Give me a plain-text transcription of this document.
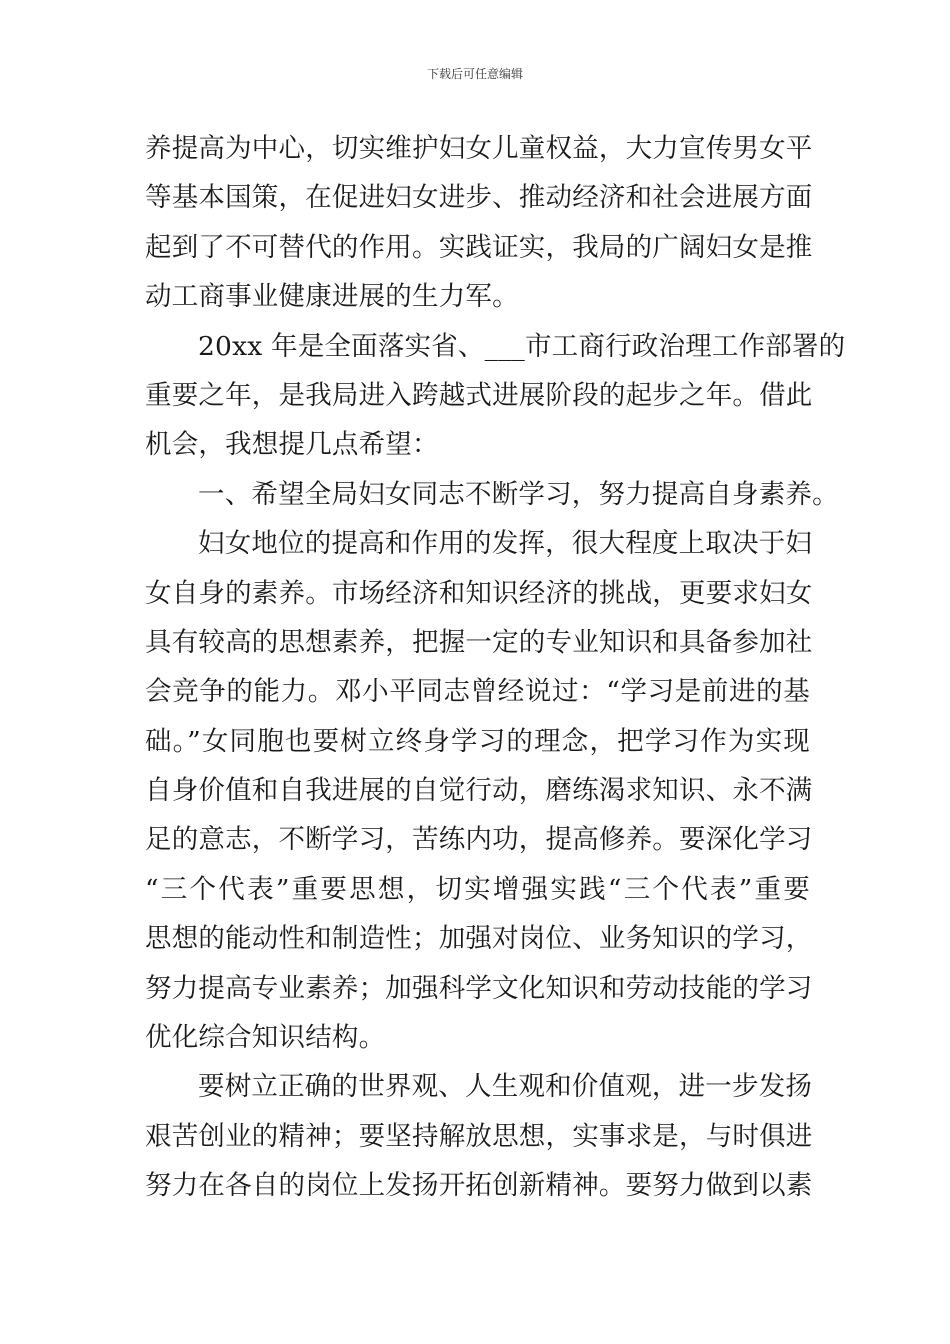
下载后可任意编辑
养提高为中心，切实维护妇女儿童权益，大力宣传男女平
等基本国策，在促进妇女进步、推动经济和社会进展方面
起到了不可替代的作用。实践证实，我局的广阔妇女是推
动工商事业健康进展的生力军。
20xx 年是全面落实省、___市工商行政治理工作部署的
重要之年，是我局进入跨越式进展阶段的起步之年。借此
机会，我想提几点希望：
一、希望全局妇女同志不断学习，努力提高自身素养。
妇女地位的提高和作用的发挥，很大程度上取决于妇
女自身的素养。市场经济和知识经济的挑战，更要求妇女
具有较高的思想素养，把握一定的专业知识和具备参加社
会竞争的能力。邓小平同志曾经说过：“学习是前进的基
础。”女同胞也要树立终身学习的理念，把学习作为实现
自身价值和自我进展的自觉行动，磨练渴求知识、永不满
足的意志，不断学习，苦练内功，提高修养。要深化学习
“三个代表”重要思想，切实增强实践“三个代表”重要
思想的能动性和制造性；加强对岗位、业务知识的学习，
努力提高专业素养；加强科学文化知识和劳动技能的学习
优化综合知识结构。
要树立正确的世界观、人生观和价值观，进一步发扬
艰苦创业的精神；要坚持解放思想，实事求是，与时俱进
努力在各自的岗位上发扬开拓创新精神。要努力做到以素
